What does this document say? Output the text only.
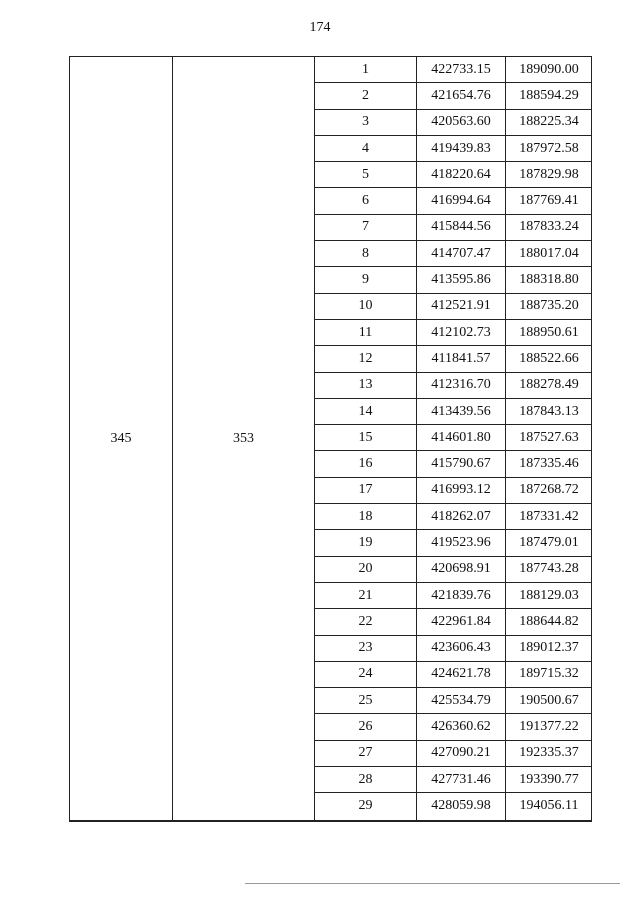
174
345	353
1	422733.15	189090.00
2	421654.76	188594.29
3	420563.60	188225.34
4	419439.83	187972.58
5	418220.64	187829.98
6	416994.64	187769.41
7	415844.56	187833.24
8	414707.47	188017.04
9	413595.86	188318.80
10	412521.91	188735.20
11	412102.73	188950.61
12	411841.57	188522.66
13	412316.70	188278.49
14	413439.56	187843.13
15	414601.80	187527.63
16	415790.67	187335.46
17	416993.12	187268.72
18	418262.07	187331.42
19	419523.96	187479.01
20	420698.91	187743.28
21	421839.76	188129.03
22	422961.84	188644.82
23	423606.43	189012.37
24	424621.78	189715.32
25	425534.79	190500.67
26	426360.62	191377.22
27	427090.21	192335.37
28	427731.46	193390.77
29	428059.98	194056.11
